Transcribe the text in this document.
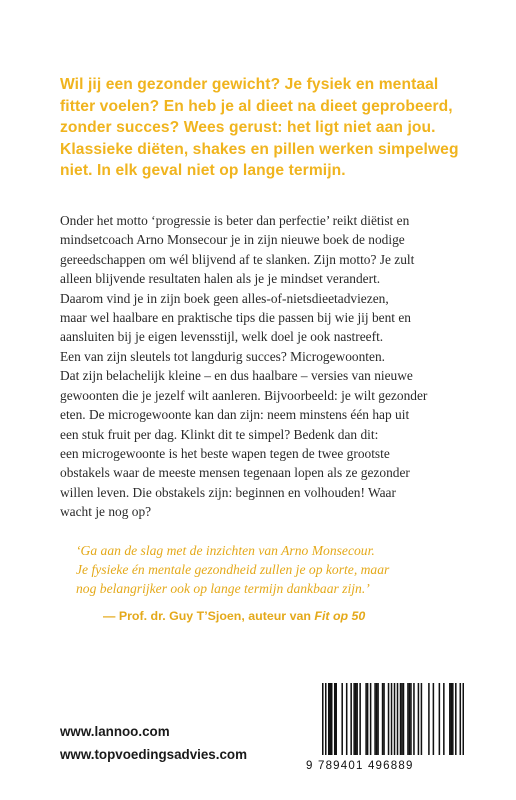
Wil jij een gezonder gewicht? Je fysiek en mentaal
fitter voelen? En heb je al dieet na dieet geprobeerd,
zonder succes? Wees gerust: het ligt niet aan jou.
Klassieke diëten, shakes en pillen werken simpelweg
niet. In elk geval niet op lange termijn.
Onder het motto ‘progressie is beter dan perfectie’ reikt diëtist en
mindsetcoach Arno Monsecour je in zijn nieuwe boek de nodige
gereedschappen om wél blijvend af te slanken. Zijn motto? Je zult
alleen blijvende resultaten halen als je je mindset verandert.
Daarom vind je in zijn boek geen alles-of-nietsdieetadviezen,
maar wel haalbare en praktische tips die passen bij wie jij bent en
aansluiten bij je eigen levensstijl, welk doel je ook nastreeft.
Een van zijn sleutels tot langdurig succes? Microgewoonten.
Dat zijn belachelijk kleine – en dus haalbare – versies van nieuwe
gewoonten die je jezelf wilt aanleren. Bijvoorbeeld: je wilt gezonder
eten. De microgewoonte kan dan zijn: neem minstens één hap uit
een stuk fruit per dag. Klinkt dit te simpel? Bedenk dan dit:
een microgewoonte is het beste wapen tegen de twee grootste
obstakels waar de meeste mensen tegenaan lopen als ze gezonder
willen leven. Die obstakels zijn: beginnen en volhouden! Waar
wacht je nog op?
‘Ga aan de slag met de inzichten van Arno Monsecour.
Je fysieke én mentale gezondheid zullen je op korte, maar
nog belangrijker ook op lange termijn dankbaar zijn.’
— Prof. dr. Guy T’Sjoen, auteur van Fit op 50
www.lannoo.com
www.topvoedingsadvies.com
9 789401 496889
